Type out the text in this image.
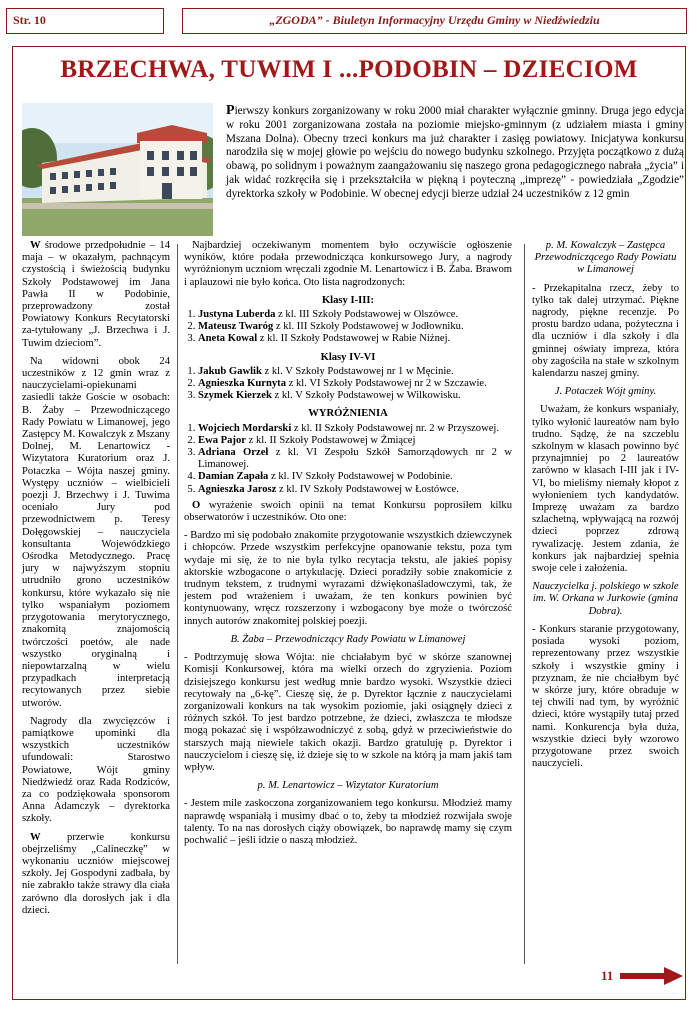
Str. 10	„ZGODA” - Biuletyn Informacyjny Urzędu Gminy w Niedźwiedziu
BRZECHWA, TUWIM I ...PODOBIN – DZIECIOM

Pierwszy konkurs zorganizowany w roku 2000 miał charakter wyłącznie gminny. Druga jego edycja w roku 2001 zorganizowana została na poziomie miejsko-gminnym (z udziałem miasta i gminy Mszana Dolna). Obecny trzeci konkurs ma już charakter i zasięg powiatowy. Inicjatywa konkursu narodziła się w mojej głowie po wejściu do nowego budynku szkolnego. Przyjęta początkowo z dużą obawą, po solidnym i poważnym zaangażowaniu się naszego grona pedagogicznego nabrała „życia” i jak widać rozkręciła się i przekształciła w piękną i poyteczną „imprezę” - powiedziała „Zgodzie” dyrektorka szkoły w Podobinie. W obecnej edycji bierze udział 24 uczestników z 12 gmin

W środowe przedpołudnie – 14 maja – w okazałym, pachnącym czystością i świeżością budynku Szkoły Podstawowej im Jana Pawła II w Podobinie, przeprowadzony został Powiatowy Konkurs Recytatorski za-tytułowany „J. Brzechwa i J. Tuwim dzieciom”.

Na widowni obok 24 uczestników z 12 gmin wraz z nauczycielami-opiekunami zasiedli także Goście w osobach: B. Żaby – Przewodniczącego Rady Powiatu w Limanowej, jego Zastępcy M. Kowalczyk z Mszany Dolnej, M. Lenartowicz - Wizytatora Kuratorium oraz J. Potaczka – Wójta naszej gminy. Występy uczniów – wielbicieli poezji J. Brzechwy i J. Tuwima oceniało Jury pod przewodnictwem p. Teresy Dołęgowskiej – nauczyciela konsultanta Wojewódzkiego Ośrodka Metodycznego. Pracę jury w najwyższym stopniu utrudniło grono uczestników konkursu, które wykazało się nie tylko wspaniałym poziomem przygotowania merytorycznego, znakomitą znajomością twórczości poetów, ale nade wszystko oryginalną i niepowtarzalną w wielu przypadkach interpretacją recytowanych przez siebie utworów.

Nagrody dla zwycięzców i pamiątkowe upominki dla wszystkich uczestników ufundowali: Starostwo Powiatowe, Wójt gminy Niedźwiedź oraz Rada Rodziców, za co podziękowała sponsorom Anna Adamczyk – dyrektorka szkoły.

W przerwie konkursu obejrzeliśmy „Calineczkę” w wykonaniu uczniów miejscowej szkoły. Jej Gospodyni zadbała, by nie zabrakło także strawy dla ciała zarówno dla dorosłych jak i dla dzieci.

Najbardziej oczekiwanym momentem było oczywiście ogłoszenie wyników, które podała przewodnicząca konkursowego Jury, a nagrody wyróżnionym uczniom wręczali zgodnie M. Lenartowicz i B. Żaba. Brawom i aplauzowi nie było końca. Oto lista nagrodzonych:

Klasy I-III:

1. Justyna Luberda z kl. III Szkoły Podstawowej w Olszówce.
2. Mateusz Twaróg z kl. III Szkoły Podstawowej w Jodłowniku.
3. Aneta Kowal z kl. II Szkoły Podstawowej w Rabie Niżnej.

Klasy IV-VI

1. Jakub Gawlik z kl. V Szkoły Podstawowej nr 1 w Męcinie.
2. Agnieszka Kurnyta z kl. VI Szkoły Podstawowej nr 2 w Szczawie.
3. Szymek Kierzek z kl. V Szkoły Podstawowej w Wilkowisku.

WYRÓŻNIENIA

1. Wojciech Mordarski z kl. II Szkoły Podstawowej nr. 2 w Przyszowej.
2. Ewa Pajor z kl. II Szkoły Podstawowej w Żmiącej
3. Adriana Orzeł z kl. VI Zespołu Szkół Samorządowych nr 2 w Limanowej.
4. Damian Zapała z kl. IV Szkoły Podstawowej w Podobinie.
5. Agnieszka Jarosz z kl. IV Szkoły Podstawowej w Łostówce.

O wyrażenie swoich opinii na temat Konkursu poprosiłem kilku obserwatorów i uczestników. Oto one:

- Bardzo mi się podobało znakomite przygotowanie wszystkich dziewczynek i chłopców. Przede wszystkim perfekcyjne opanowanie tekstu, poza tym wydaje mi się, że to nie była tylko recytacja tekstu, ale jakieś popisy aktorskie wzbogacone o artykulację. Dzieci poradziły sobie znakomicie z trudnym tekstem, z trudnymi wyrazami dźwiękonaśladowczymi, tak, że jestem pod wrażeniem i uważam, że ten konkurs powinien być kontynuowany, wręcz rozszerzony i wzbogacony bye może o twórczość innych autorów znakomitej polskiej poezji.

B. Żaba – Przewodniczący Rady Powiatu w Limanowej

- Podtrzymuję słowa Wójta: nie chciałabym być w skórze szanownej Komisji Konkursowej, która ma wielki orzech do zgryzienia. Poziom dzisiejszego konkursu jest według mnie bardzo wysoki. Wszystkie dzieci recytowały na „6-kę”. Cieszę się, że p. Dyrektor łącznie z nauczycielami zorganizowali konkurs na tak wysokim poziomie, jaki osiągnęły dzieci z różnych szkół. To jest bardzo potrzebne, że dzieci, zwłaszcza te młodsze mogą pokazać się i współzawodniczyć z sobą, gdyż w przeciwieństwie do starszych mają niewiele takich okazji. Bardzo gratuluję p. Dyrektor i nauczycielom i cieszę się, iż dzieje się to w szkole na którą ja mam jakiś tam wpływ.

p. M. Lenartowicz – Wizytator Kuratorium

- Jestem mile zaskoczona zorganizowaniem tego konkursu. Młodzież mamy naprawdę wspaniałą i musimy dbać o to, żeby ta młodzież rozwijała swoje talenty. To na nas dorosłych ciąży obowiązek, bo naprawdę mamy się czym pochwalić – jeśli idzie o naszą młodzież.

p. M. Kowalczyk – Zastępca Przewodniczącego Rady Powiatu w Limanowej

- Przekapitalna rzecz, żeby to tylko tak dalej utrzymać. Piękne nagrody, piękne recenzje. Po prostu bardzo udana, pożyteczna i dla uczniów i dla szkoły i dla gminnej oświaty impreza, która oby zagościła na stałe w szkolnym kalendarzu naszej gminy.

J. Potaczek Wójt gminy.

Uważam, że konkurs wspaniały, tylko wyłonić laureatów nam było trudno. Sądzę, że na szczeblu szkolnym w klasach powinno być przynajmniej po 2 laureatów zarówno w klasach I-III jak i IV-VI, bo mieliśmy niemały kłopot z wyłonieniem tych kandydatów. Imprezę uważam za bardzo szlachetną, wpływającą na rozwój dzieci poprzez zdrową rywalizację. Jestem zdania, że konkurs jak najbardziej spełnia swoje cele i założenia.

Nauczycielka j. polskiego w szkole im. W. Orkana w Jurkowie (gmina Dobra).

- Konkurs staranie przygotowany, posiada wysoki poziom, reprezentowany przez wszystkie szkoły i wszystkie gminy i przyznam, że nie chciałbym być w skórze jury, które obraduje w tej chwili nad tym, by wyróżnić dzieci, które wystąpiły tutaj przed nami. Konkurencja była duża, wszystkie dzieci były wzorowo przygotowane przez swoich nauczycieli.

11
